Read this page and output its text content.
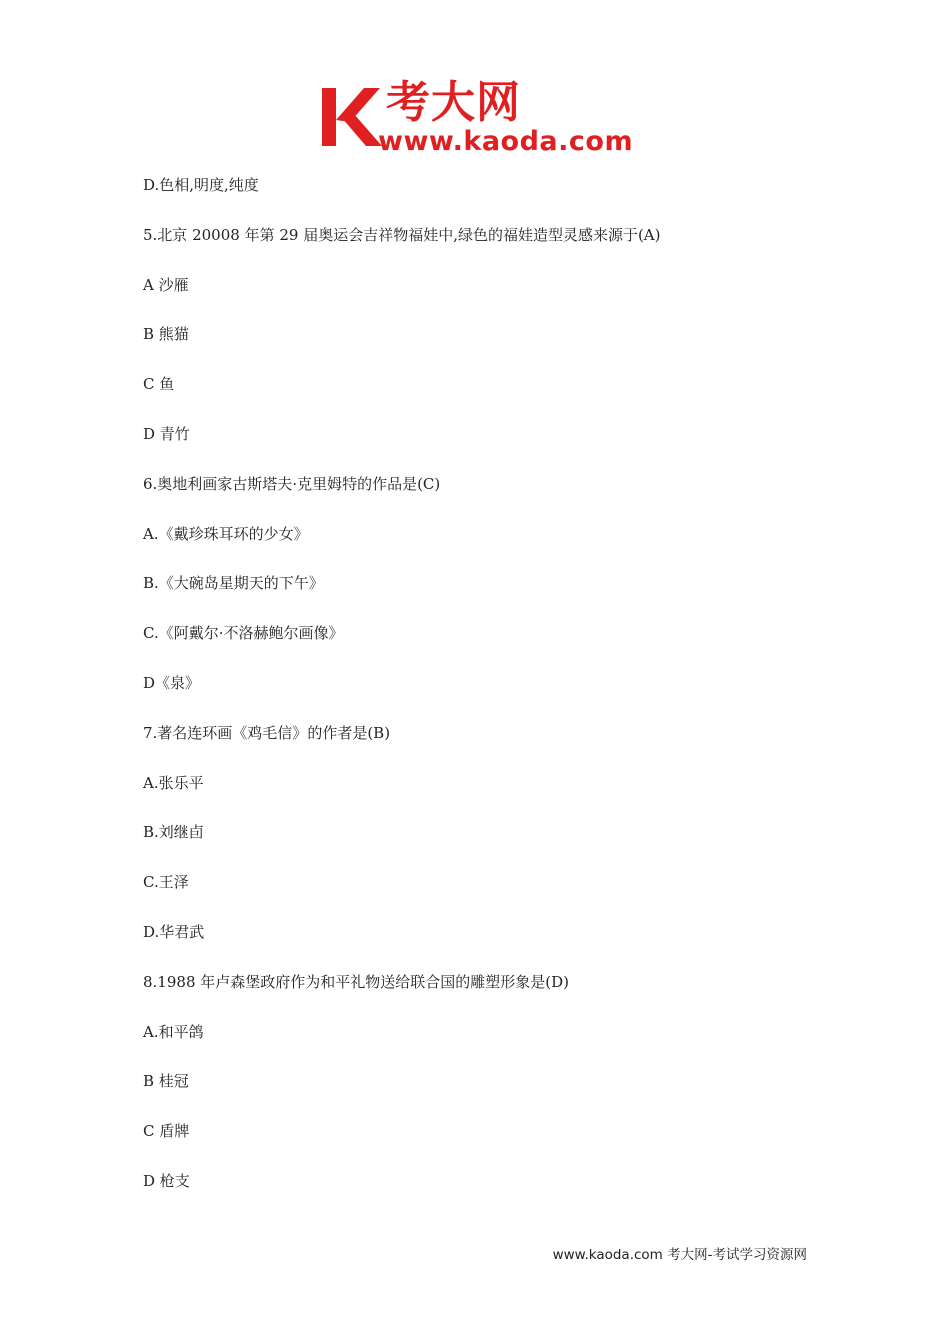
考大网
www.kaoda.com
D.色相,明度,纯度
5.北京 20008 年第 29 届奥运会吉祥物福娃中,绿色的福娃造型灵感来源于(A)
A 沙雁
B 熊猫
C 鱼
D 青竹
6.奥地利画家古斯塔夫·克里姆特的作品是(C)
A.《戴珍珠耳环的少女》
B.《大碗岛星期天的下午》
C.《阿戴尔·不洛赫鲍尔画像》
D《泉》
7.著名连环画《鸡毛信》的作者是(B)
A.张乐平
B.刘继卣
C.王泽
D.华君武
8.1988 年卢森堡政府作为和平礼物送给联合国的雕塑形象是(D)
A.和平鸽
B 桂冠
C 盾牌
D 枪支
www.kaoda.com 考大网-考试学习资源网
